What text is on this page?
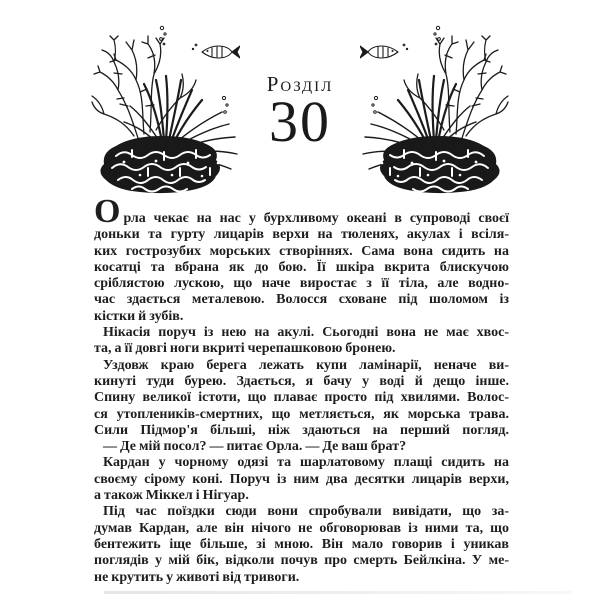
Розділ
30
Орла чекає на нас у бурхливому океані в супроводі своєї
доньки та гурту лицарів верхи на тюленях, акулах і всіля-
ких гострозубих морських створіннях. Сама вона сидить на
косатці та вбрана як до бою. Її шкіра вкрита блискучою
сріблястою лускою, що наче виростає з її тіла, але водно-
час здається металевою. Волосся сховане під шоломом із
кістки й зубів.
Нікасія поруч із нею на акулі. Сьогодні вона не має хвос-
та, а її довгі ноги вкриті черепашковою бронею.
Уздовж краю берега лежать купи ламінарії, неначе ви-
кинуті туди бурею. Здається, я бачу у воді й дещо інше.
Спину великої істоти, що плаває просто під хвилями. Волос-
ся утоплеників-смертних, що метляється, як морська трава.
Сили Підмор'я більші, ніж здаються на перший погляд.
— Де мій посол? — питає Орла. — Де ваш брат?
Кардан у чорному одязі та шарлатовому плащі сидить на
своєму сірому коні. Поруч із ним два десятки лицарів верхи,
а також Міккел і Нігуар.
Під час поїздки сюди вони спробували вивідати, що за-
думав Кардан, але він нічого не обговорював із ними та, що
бентежить іще більше, зі мною. Він мало говорив і уникав
поглядів у мій бік, відколи почув про смерть Бейлкіна. У ме-
не крутить у животі від тривоги.
